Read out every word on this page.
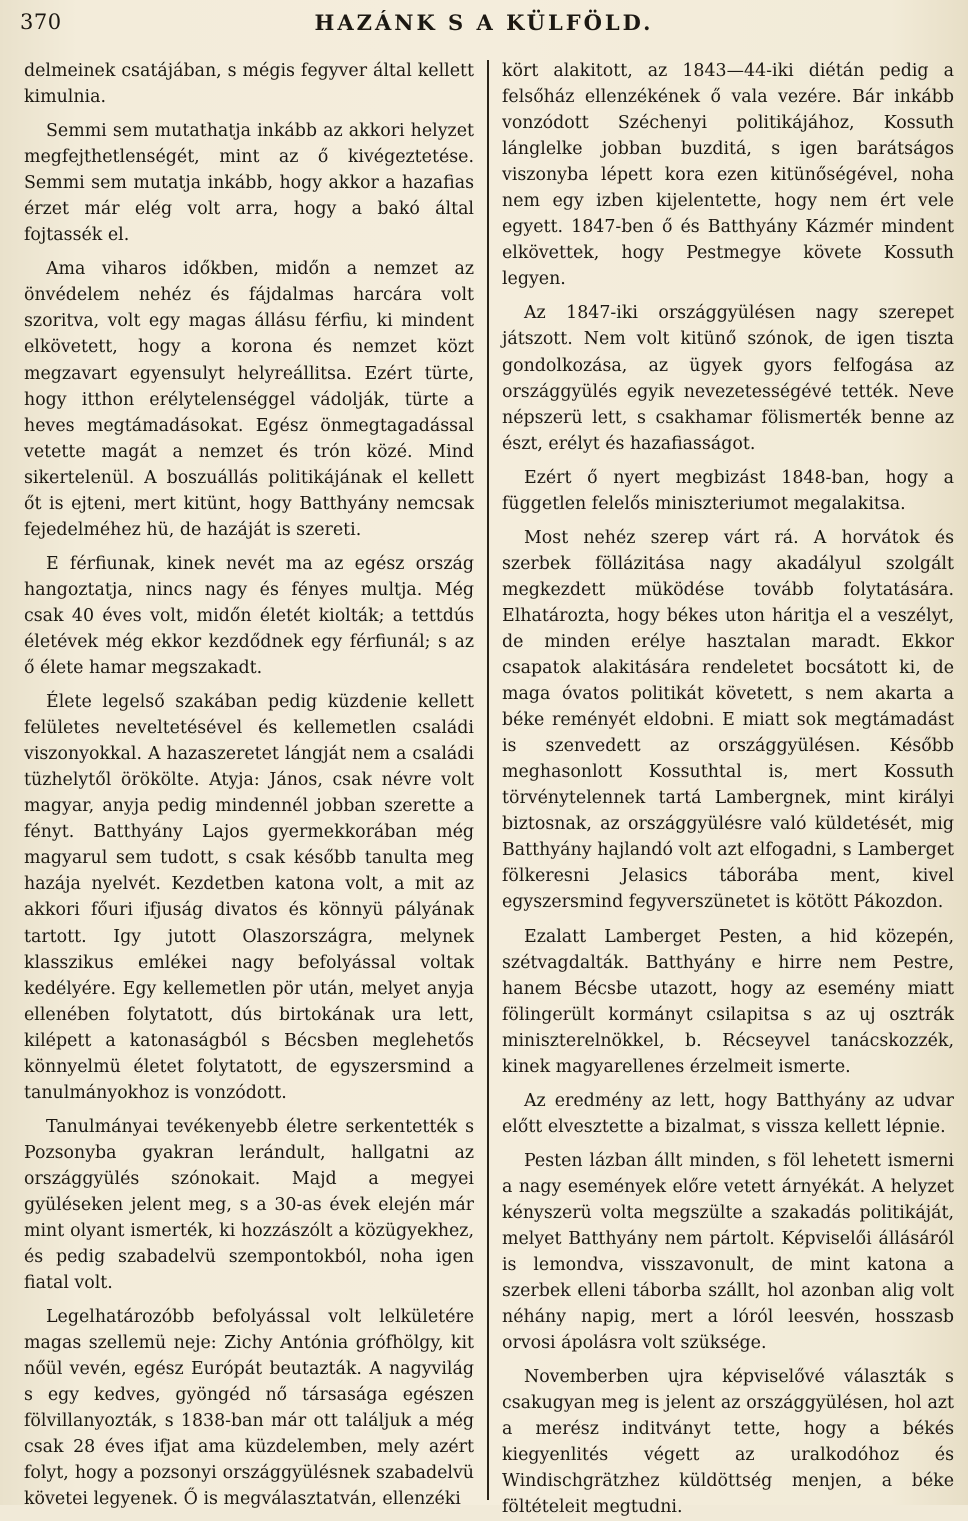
370	HAZÁNK S A KÜLFÖLD.

delmeinek csatájában, s mégis fegyver által kellett kimulnia.

Semmi sem mutathatja inkább az akkori helyzet megfejthetlenségét, mint az ő kivégeztetése. Semmi sem mutatja inkább, hogy akkor a hazafias érzet már elég volt arra, hogy a bakó által fojtassék el.

Ama viharos időkben, midőn a nemzet az önvédelem nehéz és fájdalmas harcára volt szoritva, volt egy magas állásu férfiu, ki mindent elkövetett, hogy a korona és nemzet közt megzavart egyensulyt helyreállitsa. Ezért türte, hogy itthon erélytelenséggel vádolják, türte a heves megtámadásokat. Egész önmegtagadással vetette magát a nemzet és trón közé. Mind sikertelenül. A boszuállás politikájának el kellett őt is ejteni, mert kitünt, hogy Batthyány nemcsak fejedelméhez hü, de hazáját is szereti.

E férfiunak, kinek nevét ma az egész ország hangoztatja, nincs nagy és fényes multja. Még csak 40 éves volt, midőn életét kiolták; a tettdús életévek még ekkor kezdődnek egy férfiunál; s az ő élete hamar megszakadt.

Élete legelső szakában pedig küzdenie kellett felületes neveltetésével és kellemetlen családi viszonyokkal. A hazaszeretet lángját nem a családi tüzhelytől örökölte. Atyja: János, csak névre volt magyar, anyja pedig mindennél jobban szerette a fényt. Batthyány Lajos gyermekkorában még magyarul sem tudott, s csak később tanulta meg hazája nyelvét. Kezdetben katona volt, a mit az akkori főuri ifjuság divatos és könnyü pályának tartott. Igy jutott Olaszországra, melynek klasszikus emlékei nagy befolyással voltak kedélyére. Egy kellemetlen pör után, melyet anyja ellenében folytatott, dús birtokának ura lett, kilépett a katonaságból s Bécsben meglehetős könnyelmü életet folytatott, de egyszersmind a tanulmányokhoz is vonzódott.

Tanulmányai tevékenyebb életre serkentették s Pozsonyba gyakran lerándult, hallgatni az országgyülés szónokait. Majd a megyei gyüléseken jelent meg, s a 30-as évek elején már mint olyant ismerték, ki hozzászólt a közügyekhez, és pedig szabadelvü szempontokból, noha igen fiatal volt.

Legelhatározóbb befolyással volt lelkületére magas szellemü neje: Zichy Antónia grófhölgy, kit nőül vevén, egész Európát beutazták. A nagyvilág s egy kedves, gyöngéd nő társasága egészen fölvillanyozták, s 1838-ban már ott találjuk a még csak 28 éves ifjat ama küzdelemben, mely azért folyt, hogy a pozsonyi országgyülésnek szabadelvü követei legyenek. Ő is megválasztatván, ellenzéki

kört alakitott, az 1843—44-iki diétán pedig a felsőház ellenzékének ő vala vezére. Bár inkább vonzódott Széchenyi politikájához, Kossuth lánglelke jobban buzditá, s igen barátságos viszonyba lépett kora ezen kitünőségével, noha nem egy izben kijelentette, hogy nem ért vele egyett. 1847-ben ő és Batthyány Kázmér mindent elkövettek, hogy Pestmegye követe Kossuth legyen.

Az 1847-iki országgyülésen nagy szerepet játszott. Nem volt kitünő szónok, de igen tiszta gondolkozása, az ügyek gyors felfogása az országgyülés egyik nevezetességévé tették. Neve népszerü lett, s csakhamar fölismerték benne az észt, erélyt és hazafiasságot.

Ezért ő nyert megbizást 1848-ban, hogy a független felelős miniszteriumot megalakitsa.

Most nehéz szerep várt rá. A horvátok és szerbek föllázitása nagy akadályul szolgált megkezdett müködése tovább folytatására. Elhatározta, hogy békes uton háritja el a veszélyt, de minden erélye hasztalan maradt. Ekkor csapatok alakitására rendeletet bocsátott ki, de maga óvatos politikát követett, s nem akarta a béke reményét eldobni. E miatt sok megtámadást is szenvedett az országgyülésen. Később meghasonlott Kossuthtal is, mert Kossuth törvénytelennek tartá Lambergnek, mint királyi biztosnak, az országgyülésre való küldetését, mig Batthyány hajlandó volt azt elfogadni, s Lamberget fölkeresni Jelasics táborába ment, kivel egyszersmind fegyverszünetet is kötött Pákozdon.

Ezalatt Lamberget Pesten, a hid közepén, szétvagdalták. Batthyány e hirre nem Pestre, hanem Bécsbe utazott, hogy az esemény miatt fölingerült kormányt csilapitsa s az uj osztrák miniszterelnökkel, b. Récseyvel tanácskozzék, kinek magyarellenes érzelmeit ismerte.

Az eredmény az lett, hogy Batthyány az udvar előtt elvesztette a bizalmat, s vissza kellett lépnie.

Pesten lázban állt minden, s föl lehetett ismerni a nagy események előre vetett árnyékát. A helyzet kényszerü volta megszülte a szakadás politikáját, melyet Batthyány nem pártolt. Képviselői állásáról is lemondva, visszavonult, de mint katona a szerbek elleni táborba szállt, hol azonban alig volt néhány napig, mert a lóról leesvén, hosszasb orvosi ápolásra volt szüksége.

Novemberben ujra képviselővé választák s csakugyan meg is jelent az országgyülésen, hol azt a merész inditványt tette, hogy a békés kiegyenlités végett az uralkodóhoz és Windischgrätzhez küldöttség menjen, a béke föltételeit megtudni.
